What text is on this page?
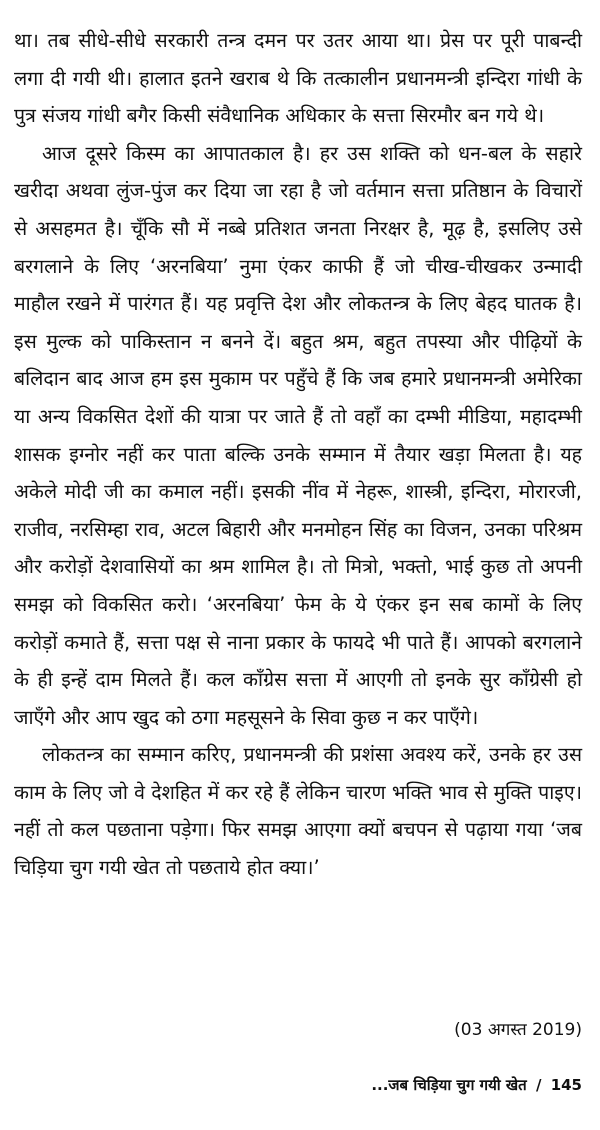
था। तब सीधे-सीधे सरकारी तन्त्र दमन पर उतर आया था। प्रेस पर पूरी पाबन्दी लगा दी गयी थी। हालात इतने खराब थे कि तत्कालीन प्रधानमन्त्री इन्दिरा गांधी के पुत्र संजय गांधी बगैर किसी संवैधानिक अधिकार के सत्ता सिरमौर बन गये थे।

आज दूसरे किस्म का आपातकाल है। हर उस शक्ति को धन-बल के सहारे खरीदा अथवा लुंज-पुंज कर दिया जा रहा है जो वर्तमान सत्ता प्रतिष्ठान के विचारों से असहमत है। चूँकि सौ में नब्बे प्रतिशत जनता निरक्षर है, मूढ़ है, इसलिए उसे बरगलाने के लिए ‘अरनबिया’ नुमा एंकर काफी हैं जो चीख-चीखकर उन्मादी माहौल रखने में पारंगत हैं। यह प्रवृत्ति देश और लोकतन्त्र के लिए बेहद घातक है। इस मुल्क को पाकिस्तान न बनने दें। बहुत श्रम, बहुत तपस्या और पीढ़ियों के बलिदान बाद आज हम इस मुकाम पर पहुँचे हैं कि जब हमारे प्रधानमन्त्री अमेरिका या अन्य विकसित देशों की यात्रा पर जाते हैं तो वहाँ का दम्भी मीडिया, महादम्भी शासक इग्नोर नहीं कर पाता बल्कि उनके सम्मान में तैयार खड़ा मिलता है। यह अकेले मोदी जी का कमाल नहीं। इसकी नींव में नेहरू, शास्त्री, इन्दिरा, मोरारजी, राजीव, नरसिम्हा राव, अटल बिहारी और मनमोहन सिंह का विजन, उनका परिश्रम और करोड़ों देशवासियों का श्रम शामिल है। तो मित्रो, भक्तो, भाई कुछ तो अपनी समझ को विकसित करो। ‘अरनबिया’ फेम के ये एंकर इन सब कामों के लिए करोड़ों कमाते हैं, सत्ता पक्ष से नाना प्रकार के फायदे भी पाते हैं। आपको बरगलाने के ही इन्हें दाम मिलते हैं। कल कॉंग्रेस सत्ता में आएगी तो इनके सुर कॉंग्रेसी हो जाएँगे और आप खुद को ठगा महसूसने के सिवा कुछ न कर पाएँगे।

लोकतन्त्र का सम्मान करिए, प्रधानमन्त्री की प्रशंसा अवश्य करें, उनके हर उस काम के लिए जो वे देशहित में कर रहे हैं लेकिन चारण भक्ति भाव से मुक्ति पाइए। नहीं तो कल पछताना पड़ेगा। फिर समझ आएगा क्यों बचपन से पढ़ाया गया ‘जब चिड़िया चुग गयी खेत तो पछताये होत क्या।’

(03 अगस्त 2019)
...जब चिड़िया चुग गयी खेत / 145
